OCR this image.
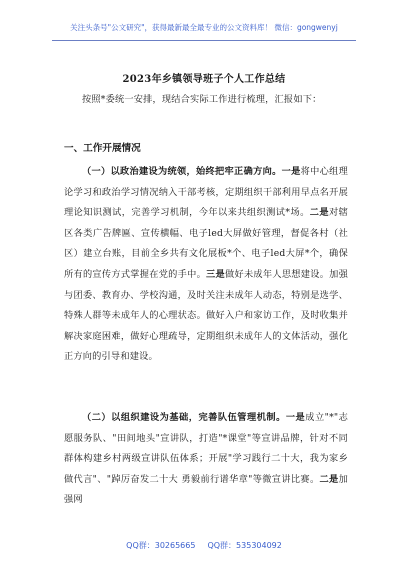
关注头条号"公文研究"，获得最新最全最专业的公文资料库！ 微信：gongwenyj
2023年乡镇领导班子个人工作总结
按照*委统一安排，现结合实际工作进行梳理，汇报如下：
一、工作开展情况
（一）以政治建设为统领，始终把牢正确方向。一是将中心组理论学习和政治学习情况纳入干部考核，定期组织干部利用早点名开展理论知识测试，完善学习机制，今年以来共组织测试*场。二是对辖区各类广告牌匾、宣传横幅、电子led大屏做好管理，督促各村（社区）建立台账，目前全乡共有文化展板*个、电子led大屏*个，确保所有的宣传方式掌握在党的手中。三是做好未成年人思想建设。加强与团委、教育办、学校沟通，及时关注未成年人动态，特别是选学、特殊人群等未成年人的心理状态。做好入户和家访工作，及时收集并解决家庭困难，做好心理疏导，定期组织未成年人的文体活动，强化正方向的引导和建设。
（二）以组织建设为基础，完善队伍管理机制。一是成立"*"志愿服务队、"田间地头"宣讲队，打造"*课堂"等宣讲品牌，针对不同群体构建乡村两级宣讲队伍体系；开展"学习践行二十大，我为家乡做代言"、"踔厉奋发二十大 勇毅前行谱华章"等微宣讲比赛。二是加强网
QQ群：30265665 QQ群：535304092
